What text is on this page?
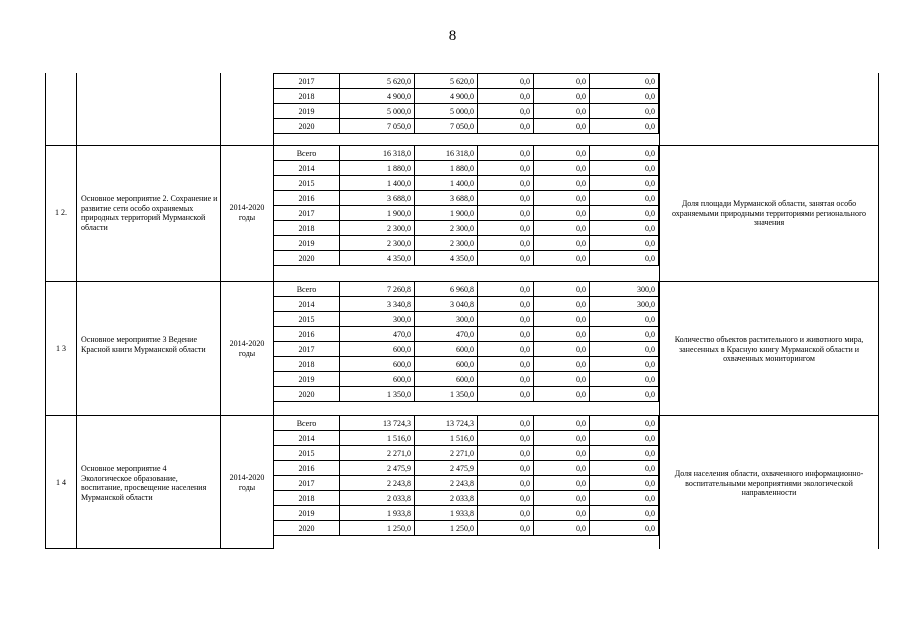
8
2017	5 620,0	5 620,0	0,0	0,0	0,0
2018	4 900,0	4 900,0	0,0	0,0	0,0
2019	5 000,0	5 000,0	0,0	0,0	0,0
2020	7 050,0	7 050,0	0,0	0,0	0,0
1 2.
Основное мероприятие 2. Сохранение и развитие сети особо охраняемых природных территорий Мурманской области
2014-2020 годы
Доля площади Мурманской области, занятая особо охраняемыми природными территориями регионального значения
Всего	16 318,0	16 318,0	0,0	0,0	0,0
2014	1 880,0	1 880,0	0,0	0,0	0,0
2015	1 400,0	1 400,0	0,0	0,0	0,0
2016	3 688,0	3 688,0	0,0	0,0	0,0
2017	1 900,0	1 900,0	0,0	0,0	0,0
2018	2 300,0	2 300,0	0,0	0,0	0,0
2019	2 300,0	2 300,0	0,0	0,0	0,0
2020	4 350,0	4 350,0	0,0	0,0	0,0
1 3
Основное мероприятие 3 Ведение Красной книги Мурманской области
2014-2020 годы
Количество объектов растительного и животного мира, занесенных в Красную книгу Мурманской области и охваченных мониторингом
Всего	7 260,8	6 960,8	0,0	0,0	300,0
2014	3 340,8	3 040,8	0,0	0,0	300,0
2015	300,0	300,0	0,0	0,0	0,0
2016	470,0	470,0	0,0	0,0	0,0
2017	600,0	600,0	0,0	0,0	0,0
2018	600,0	600,0	0,0	0,0	0,0
2019	600,0	600,0	0,0	0,0	0,0
2020	1 350,0	1 350,0	0,0	0,0	0,0
1 4
Основное мероприятие 4 Экологическое образование, воспитание, просвещение населения Мурманской области
2014-2020 годы
Доля населения области, охваченного информационно-воспитательными мероприятиями экологической направленности
Всего	13 724,3	13 724,3	0,0	0,0	0,0
2014	1 516,0	1 516,0	0,0	0,0	0,0
2015	2 271,0	2 271,0	0,0	0,0	0,0
2016	2 475,9	2 475,9	0,0	0,0	0,0
2017	2 243,8	2 243,8	0,0	0,0	0,0
2018	2 033,8	2 033,8	0,0	0,0	0,0
2019	1 933,8	1 933,8	0,0	0,0	0,0
2020	1 250,0	1 250,0	0,0	0,0	0,0
